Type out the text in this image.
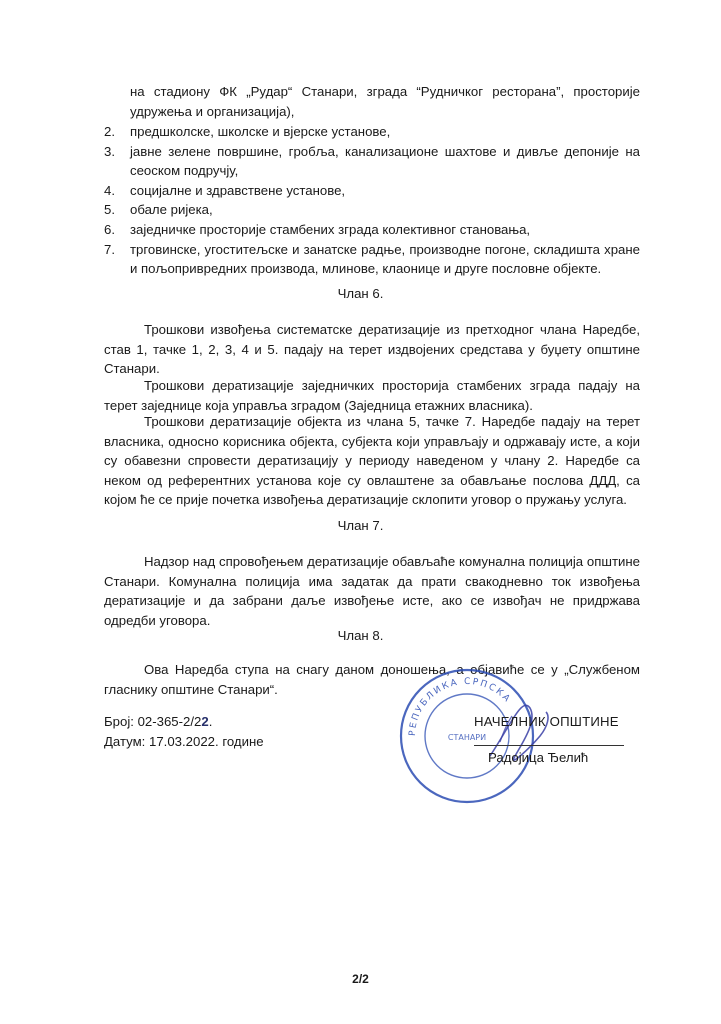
на стадиону ФК „Рудар“ Станари, зграда “Рудничког ресторана”, просторије удружења и организација),
2.	предшколске, школске и вјерске установе,
3.	јавне зелене површине, гробља, канализационе шахтове и дивље депоније на сеоском подручју,
4.	социјалне и здравствене установе,
5.	обале ријека,
6.	заједничке просторије стамбених зграда колективног становања,
7.	трговинске, угоститељске и занатске радње, производне погоне, складишта хране и пољопривредних производа, млинове, клаонице и друге пословне објекте.
Члан 6.
Трошкови извођења систематске дератизације из претходног члана Наредбе, став 1, тачке 1, 2, 3, 4 и 5. падају на терет издвојених средстава у буџету општине Станари.
Трошкови дератизације заједничких просторија стамбених зграда падају на терет заједнице која управља зградом (Заједница етажних власника).
Трошкови дератизације објекта из члана 5, тачке 7. Наредбе падају на терет власника, односно корисника објекта, субјекта који управљају и одржавају исте, а који су обавезни спровести дератизацију у периоду наведеном у члану 2. Наредбе са неком од референтних установа које су овлаштене за обављање послова ДДД, са којом ће се прије почетка извођења дератизације склопити уговор о пружању услуга.
Члан 7.
Надзор над спровођењем дератизације обављаће комунална полиција општине Станари. Комунална полиција има задатак да прати свакодневно ток извођења дератизације и да забрани даље извођење исте, ако се извођач не придржава одредби уговора.
Члан 8.
Ова Наредба ступа на снагу даном доношења, а објавиће се у „Службеном гласнику општине Станари“.
Број: 02-365-2/22.
Датум: 17.03.2022. године
РЕПУБЛИКА СРПСКА
СТАНАРИ
НАЧЕЛНИК ОПШТИНЕ
Радојица Ђелић
2/2
